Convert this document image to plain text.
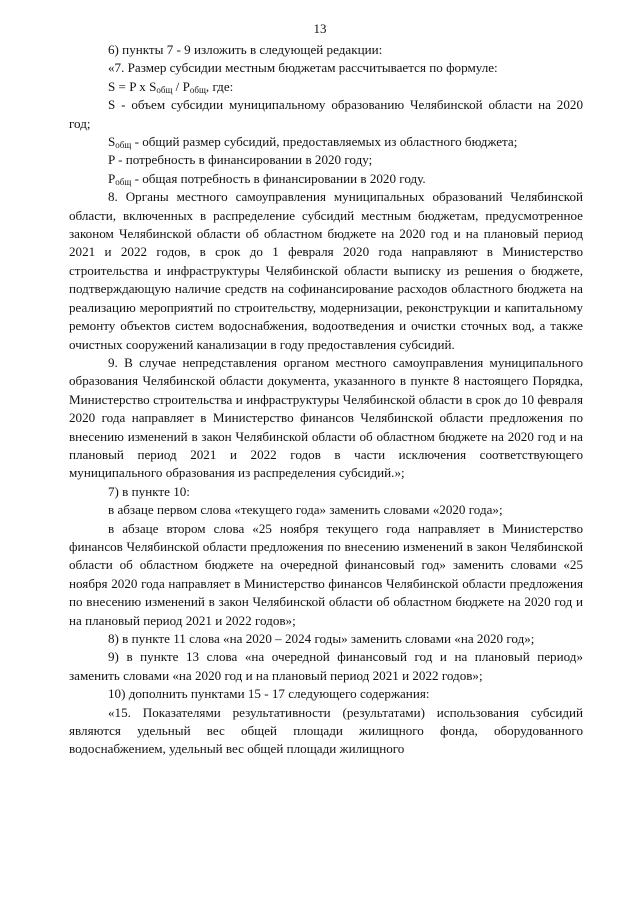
13

6) пункты 7 - 9 изложить в следующей редакции:

«7. Размер субсидии местным бюджетам рассчитывается по формуле:

S = P x $S_{общ} / P_{общ}$, где:

S - объем субсидии муниципальному образованию Челябинской области на 2020 год;

$S_{общ}$ - общий размер субсидий, предоставляемых из областного бюджета;

P - потребность в финансировании в 2020 году;

$P_{общ}$ - общая потребность в финансировании в 2020 году.

8. Органы местного самоуправления муниципальных образований Челябинской области, включенных в распределение субсидий местным бюджетам, предусмотренное законом Челябинской области об областном бюджете на 2020 год и на плановый период 2021 и 2022 годов, в срок до 1 февраля 2020 года направляют в Министерство строительства и инфраструктуры Челябинской области выписку из решения о бюджете, подтверждающую наличие средств на софинансирование расходов областного бюджета на реализацию мероприятий по строительству, модернизации, реконструкции и капитальному ремонту объектов систем водоснабжения, водоотведения и очистки сточных вод, а также очистных сооружений канализации в году предоставления субсидий.

9. В случае непредставления органом местного самоуправления муниципального образования Челябинской области документа, указанного в пункте 8 настоящего Порядка, Министерство строительства и инфраструктуры Челябинской области в срок до 10 февраля 2020 года направляет в Министерство финансов Челябинской области предложения по внесению изменений в закон Челябинской области об областном бюджете на 2020 год и на плановый период 2021 и 2022 годов в части исключения соответствующего муниципального образования из распределения субсидий.»;

7) в пункте 10:

в абзаце первом слова «текущего года» заменить словами «2020 года»;

в абзаце втором слова «25 ноября текущего года направляет в Министерство финансов Челябинской области предложения по внесению изменений в закон Челябинской области об областном бюджете на очередной финансовый год» заменить словами «25 ноября 2020 года направляет в Министерство финансов Челябинской области предложения по внесению изменений в закон Челябинской области об областном бюджете на 2020 год и на плановый период 2021 и 2022 годов»;

8) в пункте 11 слова «на 2020 – 2024 годы» заменить словами «на 2020 год»;

9) в пункте 13 слова «на очередной финансовый год и на плановый период» заменить словами «на 2020 год и на плановый период 2021 и 2022 годов»;

10) дополнить пунктами 15 - 17 следующего содержания:

«15. Показателями результативности (результатами) использования субсидий являются удельный вес общей площади жилищного фонда, оборудованного водоснабжением, удельный вес общей площади жилищного
